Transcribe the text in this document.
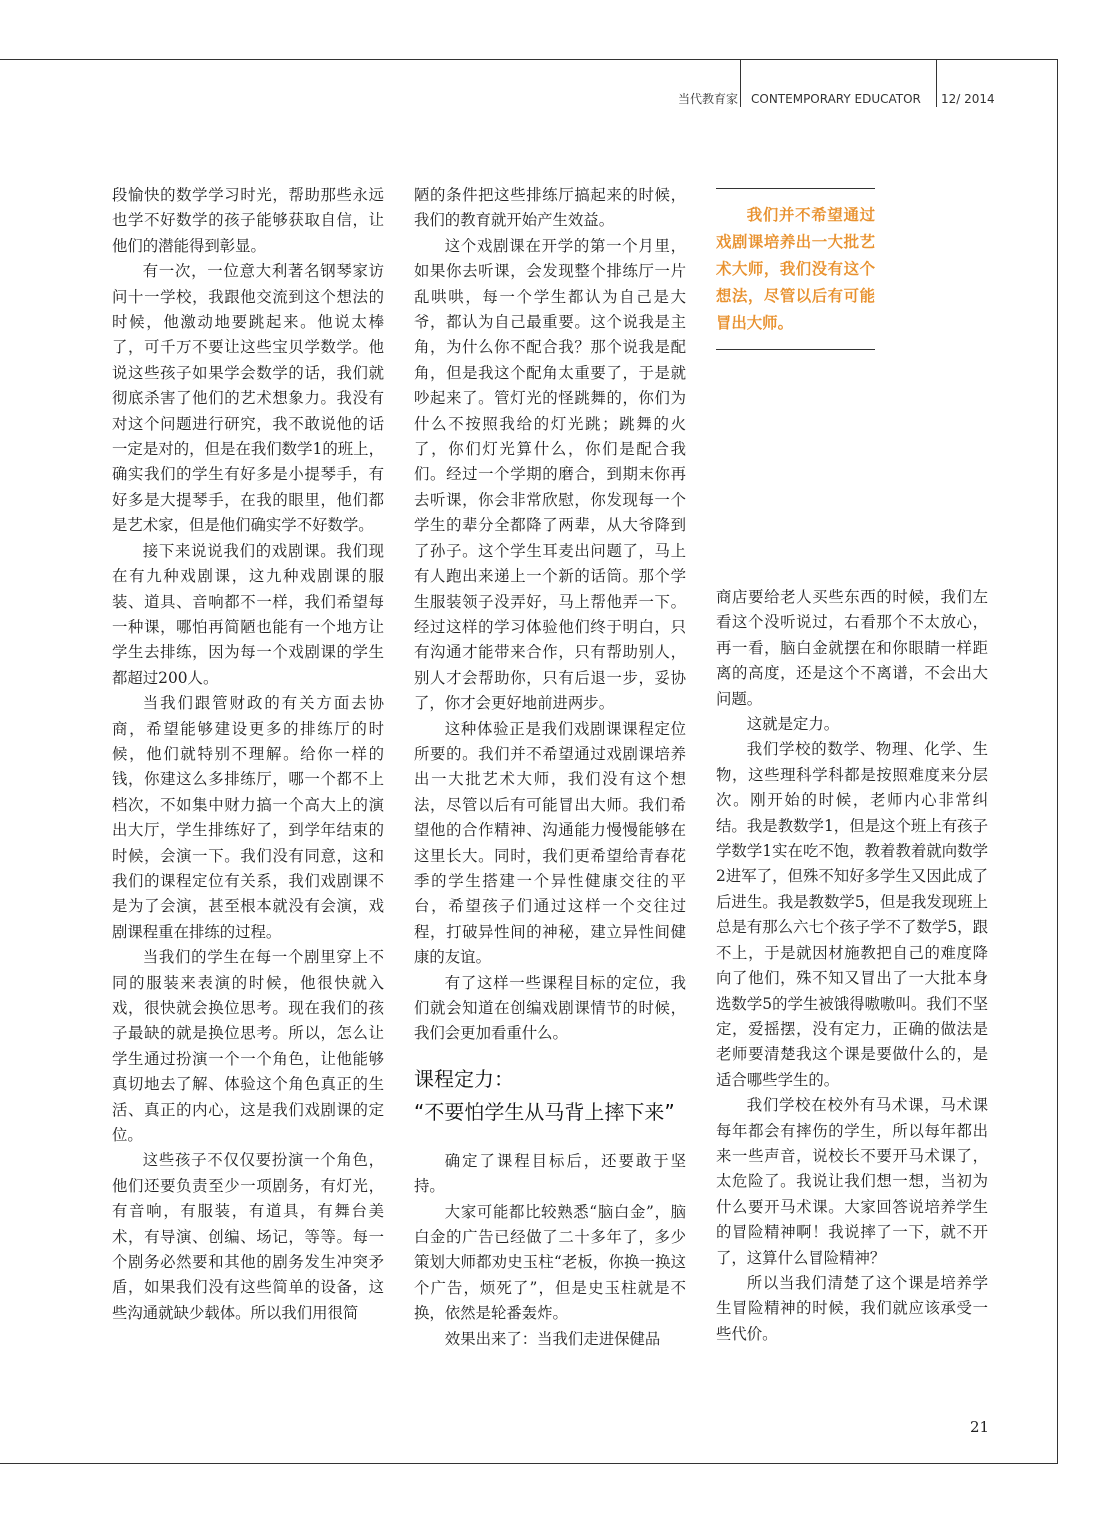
当代教育家 CONTEMPORARY EDUCATOR 12/ 2014

段愉快的数学学习时光，帮助那些永远也学不好数学的孩子能够获取自信，让他们的潜能得到彰显。

有一次，一位意大利著名钢琴家访问十一学校，我跟他交流到这个想法的时候，他激动地要跳起来。他说太棒了，可千万不要让这些宝贝学数学。他说这些孩子如果学会数学的话，我们就彻底杀害了他们的艺术想象力。我没有对这个问题进行研究，我不敢说他的话一定是对的，但是在我们数学1的班上，确实我们的学生有好多是小提琴手，有好多是大提琴手，在我的眼里，他们都是艺术家，但是他们确实学不好数学。

接下来说说我们的戏剧课。我们现在有九种戏剧课，这九种戏剧课的服装、道具、音响都不一样，我们希望每一种课，哪怕再简陋也能有一个地方让学生去排练，因为每一个戏剧课的学生都超过200人。

当我们跟管财政的有关方面去协商，希望能够建设更多的排练厅的时候，他们就特别不理解。给你一样的钱，你建这么多排练厅，哪一个都不上档次，不如集中财力搞一个高大上的演出大厅，学生排练好了，到学年结束的时候，会演一下。我们没有同意，这和我们的课程定位有关系，我们戏剧课不是为了会演，甚至根本就没有会演，戏剧课程重在排练的过程。

当我们的学生在每一个剧里穿上不同的服装来表演的时候，他很快就入戏，很快就会换位思考。现在我们的孩子最缺的就是换位思考。所以，怎么让学生通过扮演一个一个角色，让他能够真切地去了解、体验这个角色真正的生活、真正的内心，这是我们戏剧课的定位。

这些孩子不仅仅要扮演一个角色，他们还要负责至少一项剧务，有灯光，有音响，有服装，有道具，有舞台美术，有导演、创编、场记，等等。每一个剧务必然要和其他的剧务发生冲突矛盾，如果我们没有这些简单的设备，这些沟通就缺少载体。所以我们用很简

陋的条件把这些排练厅搞起来的时候，我们的教育就开始产生效益。

这个戏剧课在开学的第一个月里，如果你去听课，会发现整个排练厅一片乱哄哄，每一个学生都认为自己是大爷，都认为自己最重要。这个说我是主角，为什么你不配合我？那个说我是配角，但是我这个配角太重要了，于是就吵起来了。管灯光的怪跳舞的，你们为什么不按照我给的灯光跳；跳舞的火了，你们灯光算什么，你们是配合我们。经过一个学期的磨合，到期末你再去听课，你会非常欣慰，你发现每一个学生的辈分全都降了两辈，从大爷降到了孙子。这个学生耳麦出问题了，马上有人跑出来递上一个新的话筒。那个学生服装领子没弄好，马上帮他弄一下。经过这样的学习体验他们终于明白，只有沟通才能带来合作，只有帮助别人，别人才会帮助你，只有后退一步，妥协了，你才会更好地前进两步。

这种体验正是我们戏剧课课程定位所要的。我们并不希望通过戏剧课培养出一大批艺术大师，我们没有这个想法，尽管以后有可能冒出大师。我们希望他的合作精神、沟通能力慢慢能够在这里长大。同时，我们更希望给青春花季的学生搭建一个异性健康交往的平台，希望孩子们通过这样一个交往过程，打破异性间的神秘，建立异性间健康的友谊。

有了这样一些课程目标的定位，我们就会知道在创编戏剧课情节的时候，我们会更加看重什么。

课程定力：
“不要怕学生从马背上摔下来”

确定了课程目标后，还要敢于坚持。

大家可能都比较熟悉“脑白金”，脑白金的广告已经做了二十多年了，多少策划大师都劝史玉柱“老板，你换一换这个广告，烦死了”，但是史玉柱就是不换，依然是轮番轰炸。

效果出来了：当我们走进保健品

我们并不希望通过戏剧课培养出一大批艺术大师，我们没有这个想法，尽管以后有可能冒出大师。

商店要给老人买些东西的时候，我们左看这个没听说过，右看那个不太放心，再一看，脑白金就摆在和你眼睛一样距离的高度，还是这个不离谱，不会出大问题。

这就是定力。

我们学校的数学、物理、化学、生物，这些理科学科都是按照难度来分层次。刚开始的时候，老师内心非常纠结。我是教数学1，但是这个班上有孩子学数学1实在吃不饱，教着教着就向数学2进军了，但殊不知好多学生又因此成了后进生。我是教数学5，但是我发现班上总是有那么六七个孩子学不了数学5，跟不上，于是就因材施教把自己的难度降向了他们，殊不知又冒出了一大批本身选数学5的学生被饿得嗷嗷叫。我们不坚定，爱摇摆，没有定力，正确的做法是老师要清楚我这个课是要做什么的，是适合哪些学生的。

我们学校在校外有马术课，马术课每年都会有摔伤的学生，所以每年都出来一些声音，说校长不要开马术课了，太危险了。我说让我们想一想，当初为什么要开马术课。大家回答说培养学生的冒险精神啊！我说摔了一下，就不开了，这算什么冒险精神？

所以当我们清楚了这个课是培养学生冒险精神的时候，我们就应该承受一些代价。

21
